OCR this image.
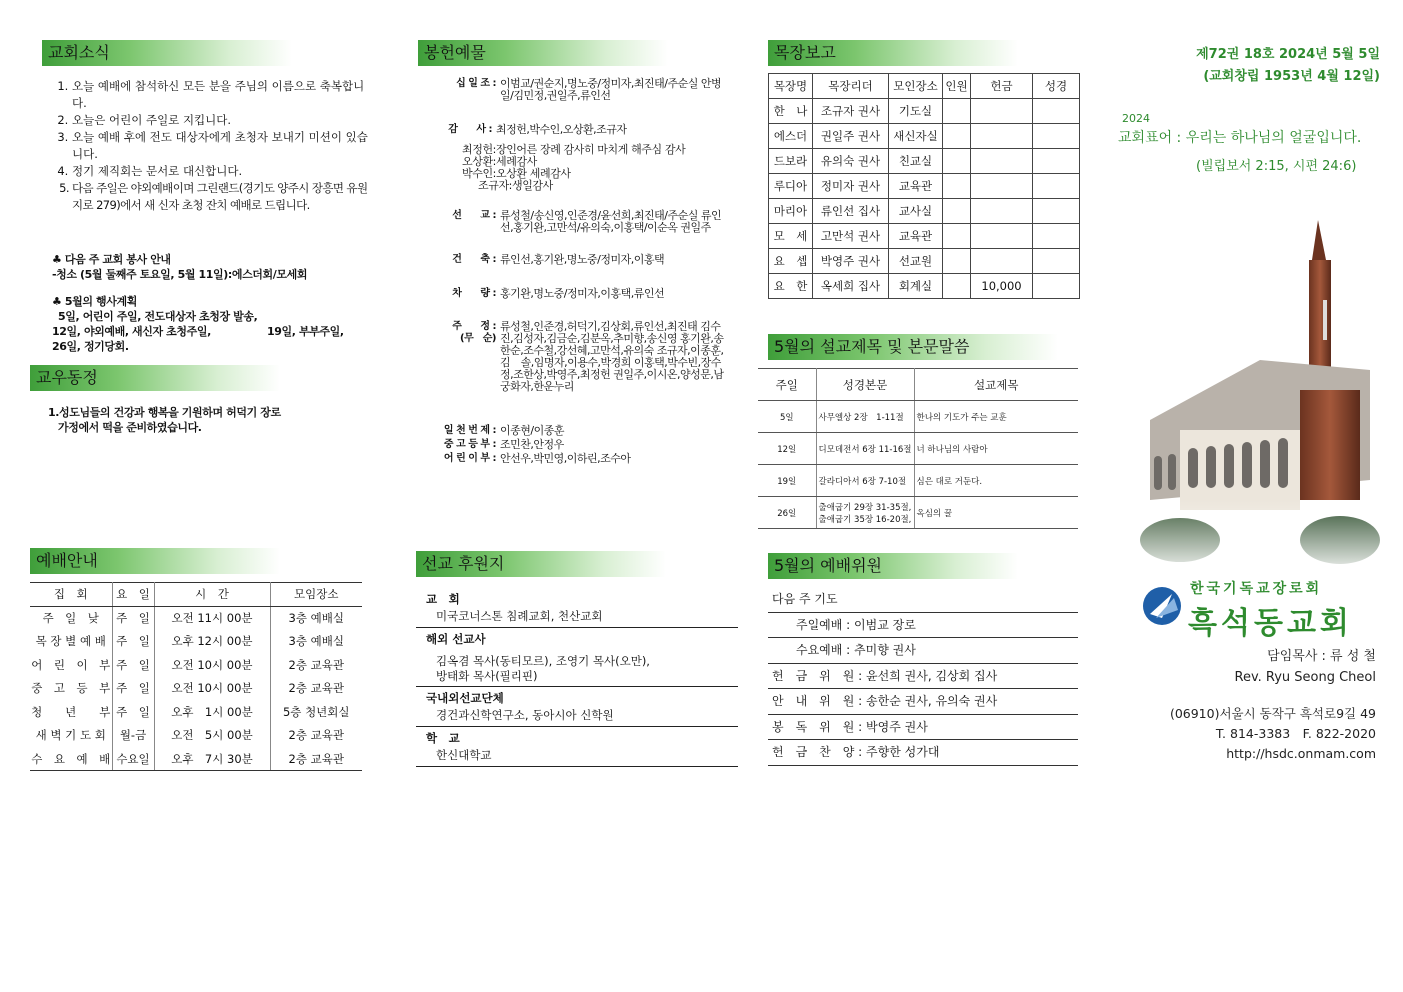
교회소식
1. 오늘 예배에 참석하신 모든 분을 주님의 이름으로 축복합니다.
2. 오늘은 어린이 주일로 지킵니다.
3. 오늘 예배 후에 전도 대상자에게 초청자 보내기 미션이 있습니다.
4. 정기 제직회는 문서로 대신합니다.
5. 다음 주일은 야외예배이며 그린랜드(경기도 양주시 장흥면 유원지로 279)에서 새 신자 초청 잔치 예배로 드립니다.
♣ 다음 주 교회 봉사 안내
-청소 (5월 둘째주 토요일, 5월 11일):에스더회/모세회
♣ 5월의 행사계획
5일, 어린이 주일, 전도대상자 초청장 발송,
12일, 야외예배, 새신자 초청주일,	19일, 부부주일,
26일, 정기당회.
교우동정
1.성도님들의 건강과 행복을 기원하며 허덕기 장로
가정에서 떡을 준비하였습니다.
예배안내
집　회	요　일	시　간	모임장소
주　일　낮	주　일	오전 11시 00분	3층 예배실
목 장 별 예 배	주　일	오후 12시 00분	3층 예배실
어　린　이　부	주　일	오전 10시 00분	2층 교육관
중　고　등　부	주　일	오전 10시 00분	2층 교육관
청　　년　　부	주　일	오후　1시 00분	5층 청년회실
새 벽 기 도 회	월-금	오전　5시 00분	2층 교육관
수　요　예　배	수요일	오후　7시 30분	2층 교육관
봉헌예물
십 일 조 : 이범교/권순지,명노중/정미자,최진태/주순실 안병일/김민정,권일주,류인선
감　　사 : 최정헌,박수인,오상환,조규자
최정헌:장인어른 장례 감사히 마치게 해주심 감사
오상환:세례감사
박수인:오상환 세례감사
조규자:생일감사
선　　교 : 류성철/송신영,인준경/윤선희,최진태/주순실 류인선,홍기완,고만석/유의숙,이홍택/이순옥 권일주
건　　축 : 류인선,홍기완,명노중/정미자,이홍택
차　　량 : 홍기완,명노중/정미자,이홍택,류인선
주　　정 :
(무　순)
류성철,인준경,허덕기,김상회,류인선,최진태 김수진,김성자,김금순,김분옥,추미향,송신영 홍기완,송한순,조수철,강선혜,고만석,유의숙 조규자,이종훈,김　솔,임명자,이용수,박경희 이홍택,박수빈,장수정,조한상,박영주,최정헌 권일주,이시온,양성문,남궁화자,한운누리
일 천 번 제 : 이종현/이종훈
중 고 등 부 : 조민찬,안정우
어 린 이 부 : 안선우,박민영,이하린,조수아
선교 후원지
교　회
미국코너스톤 침례교회, 천산교회
해외 선교사
김옥겸 목사(동티모르), 조영기 목사(오만),
방태화 목사(필리핀)
국내외선교단체
경건과신학연구소, 동아시아 신학원
학　교
한신대학교
목장보고
목장명	목장리더	모인장소	인원	헌금	성경
한　나	조규자 권사	기도실			
에스더	권일주 권사	새신자실			
드보라	유의숙 권사	친교실			
루디아	정미자 권사	교육관			
마리아	류인선 집사	교사실			
모　세	고만석 권사	교육관			
요　셉	박영주 권사	선교원			
요　한	옥세희 집사	회계실		10,000	
5월의 설교제목 및 본문말씀
주일	성경본문	설교제목
5일	사무엘상 2장　1-11절	한나의 기도가 주는 교훈
12일	디모데전서 6장 11-16절	너 하나님의 사람아
19일	갈라디아서 6장 7-10절	심은 대로 거둔다.
26일	출애굽기 29장 31-35절, 출애굽기 35장 16-20절,	옥심의 꿀
5월의 예배위원
다음 주 기도
　　주일예배 : 이범교 장로
　　수요예배 : 추미향 권사
헌　금　위　원 : 윤선희 권사, 김상회 집사
안　내　위　원 : 송한순 권사, 유의숙 권사
봉　독　위　원 : 박영주 권사
헌　금　찬　양 : 주향한 성가대
제72권 18호 2024년 5월 5일
(교회창립 1953년 4월 12일)
2024
교회표어 : 우리는 하나님의 얼굴입니다.
(빌립보서 2:15, 시편 24:6)
한국기독교장로회
흑석동교회
담임목사 : 류 성 철
Rev. Ryu Seong Cheol
(06910)서울시 동작구 흑석로9길 49
T. 814-3383　F. 822-2020
http://hsdc.onmam.com
